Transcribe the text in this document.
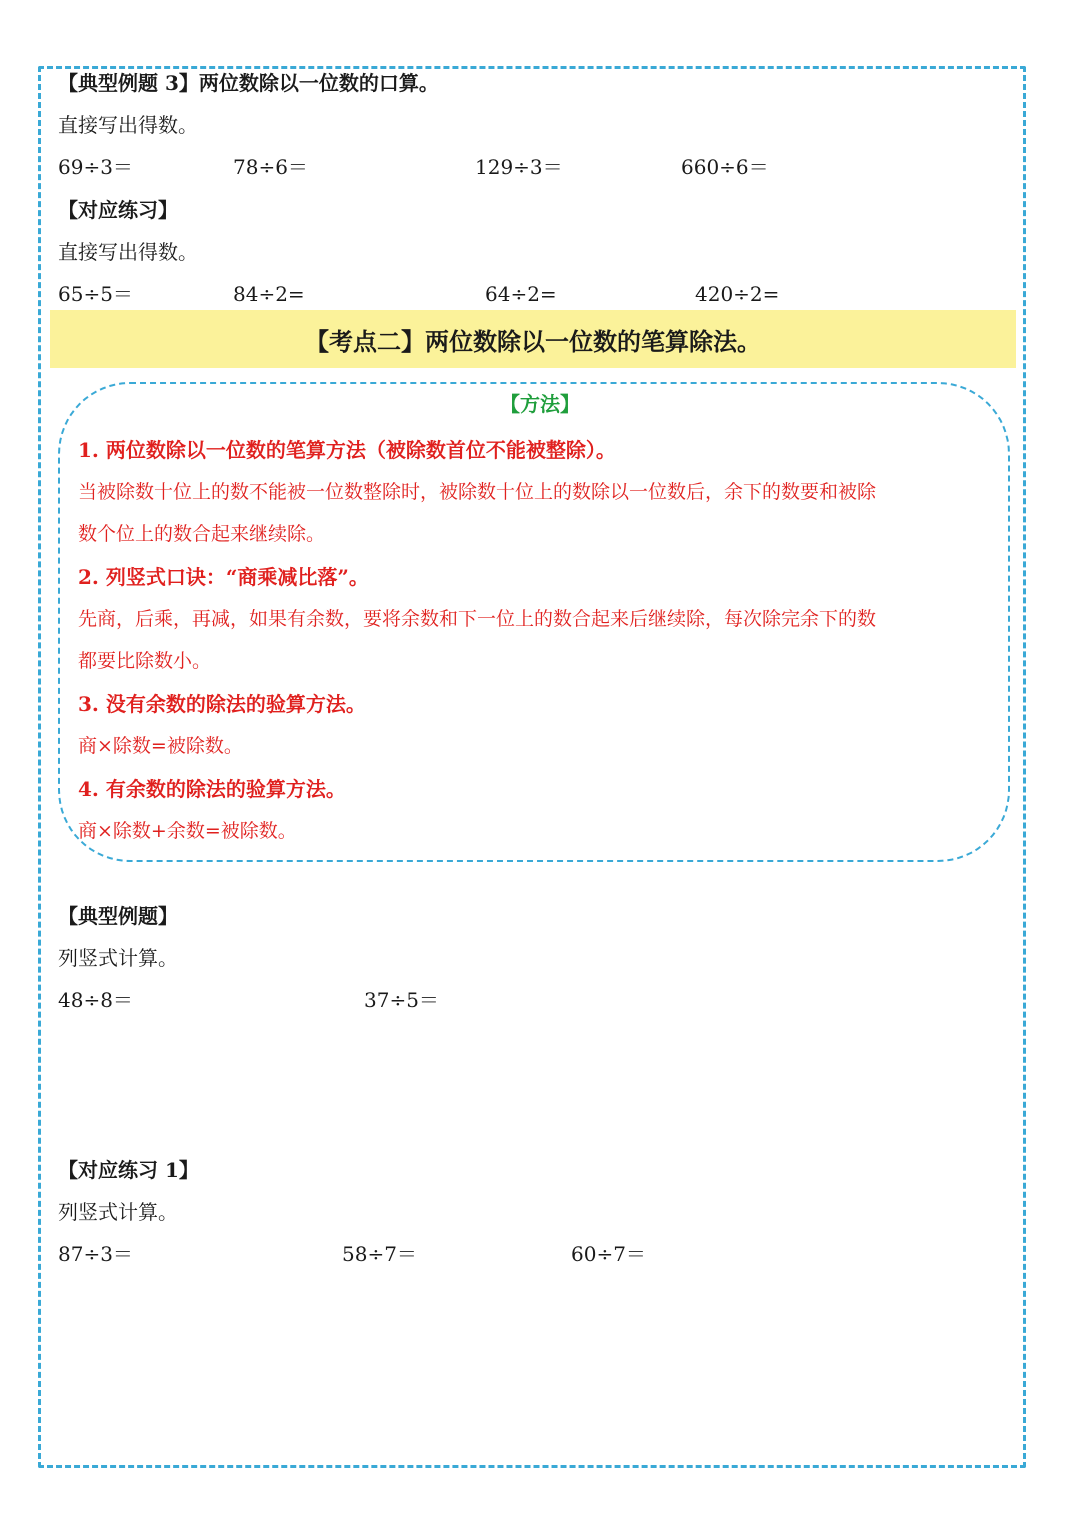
【典型例题 3】两位数除以一位数的口算。
直接写出得数。
69÷3＝	78÷6＝	129÷3＝	660÷6＝
【对应练习】
直接写出得数。
65÷5＝	84÷2=	64÷2=	420÷2=
【考点二】两位数除以一位数的笔算除法。
【方法】
1. 两位数除以一位数的笔算方法（被除数首位不能被整除）。
当被除数十位上的数不能被一位数整除时，被除数十位上的数除以一位数后，余下的数要和被除
数个位上的数合起来继续除。
2. 列竖式口诀：“商乘减比落”。
先商，后乘，再减，如果有余数，要将余数和下一位上的数合起来后继续除，每次除完余下的数
都要比除数小。
3. 没有余数的除法的验算方法。
商×除数=被除数。
4. 有余数的除法的验算方法。
商×除数+余数=被除数。
【典型例题】
列竖式计算。
48÷8＝	37÷5＝
【对应练习 1】
列竖式计算。
87÷3＝	58÷7＝	60÷7＝
